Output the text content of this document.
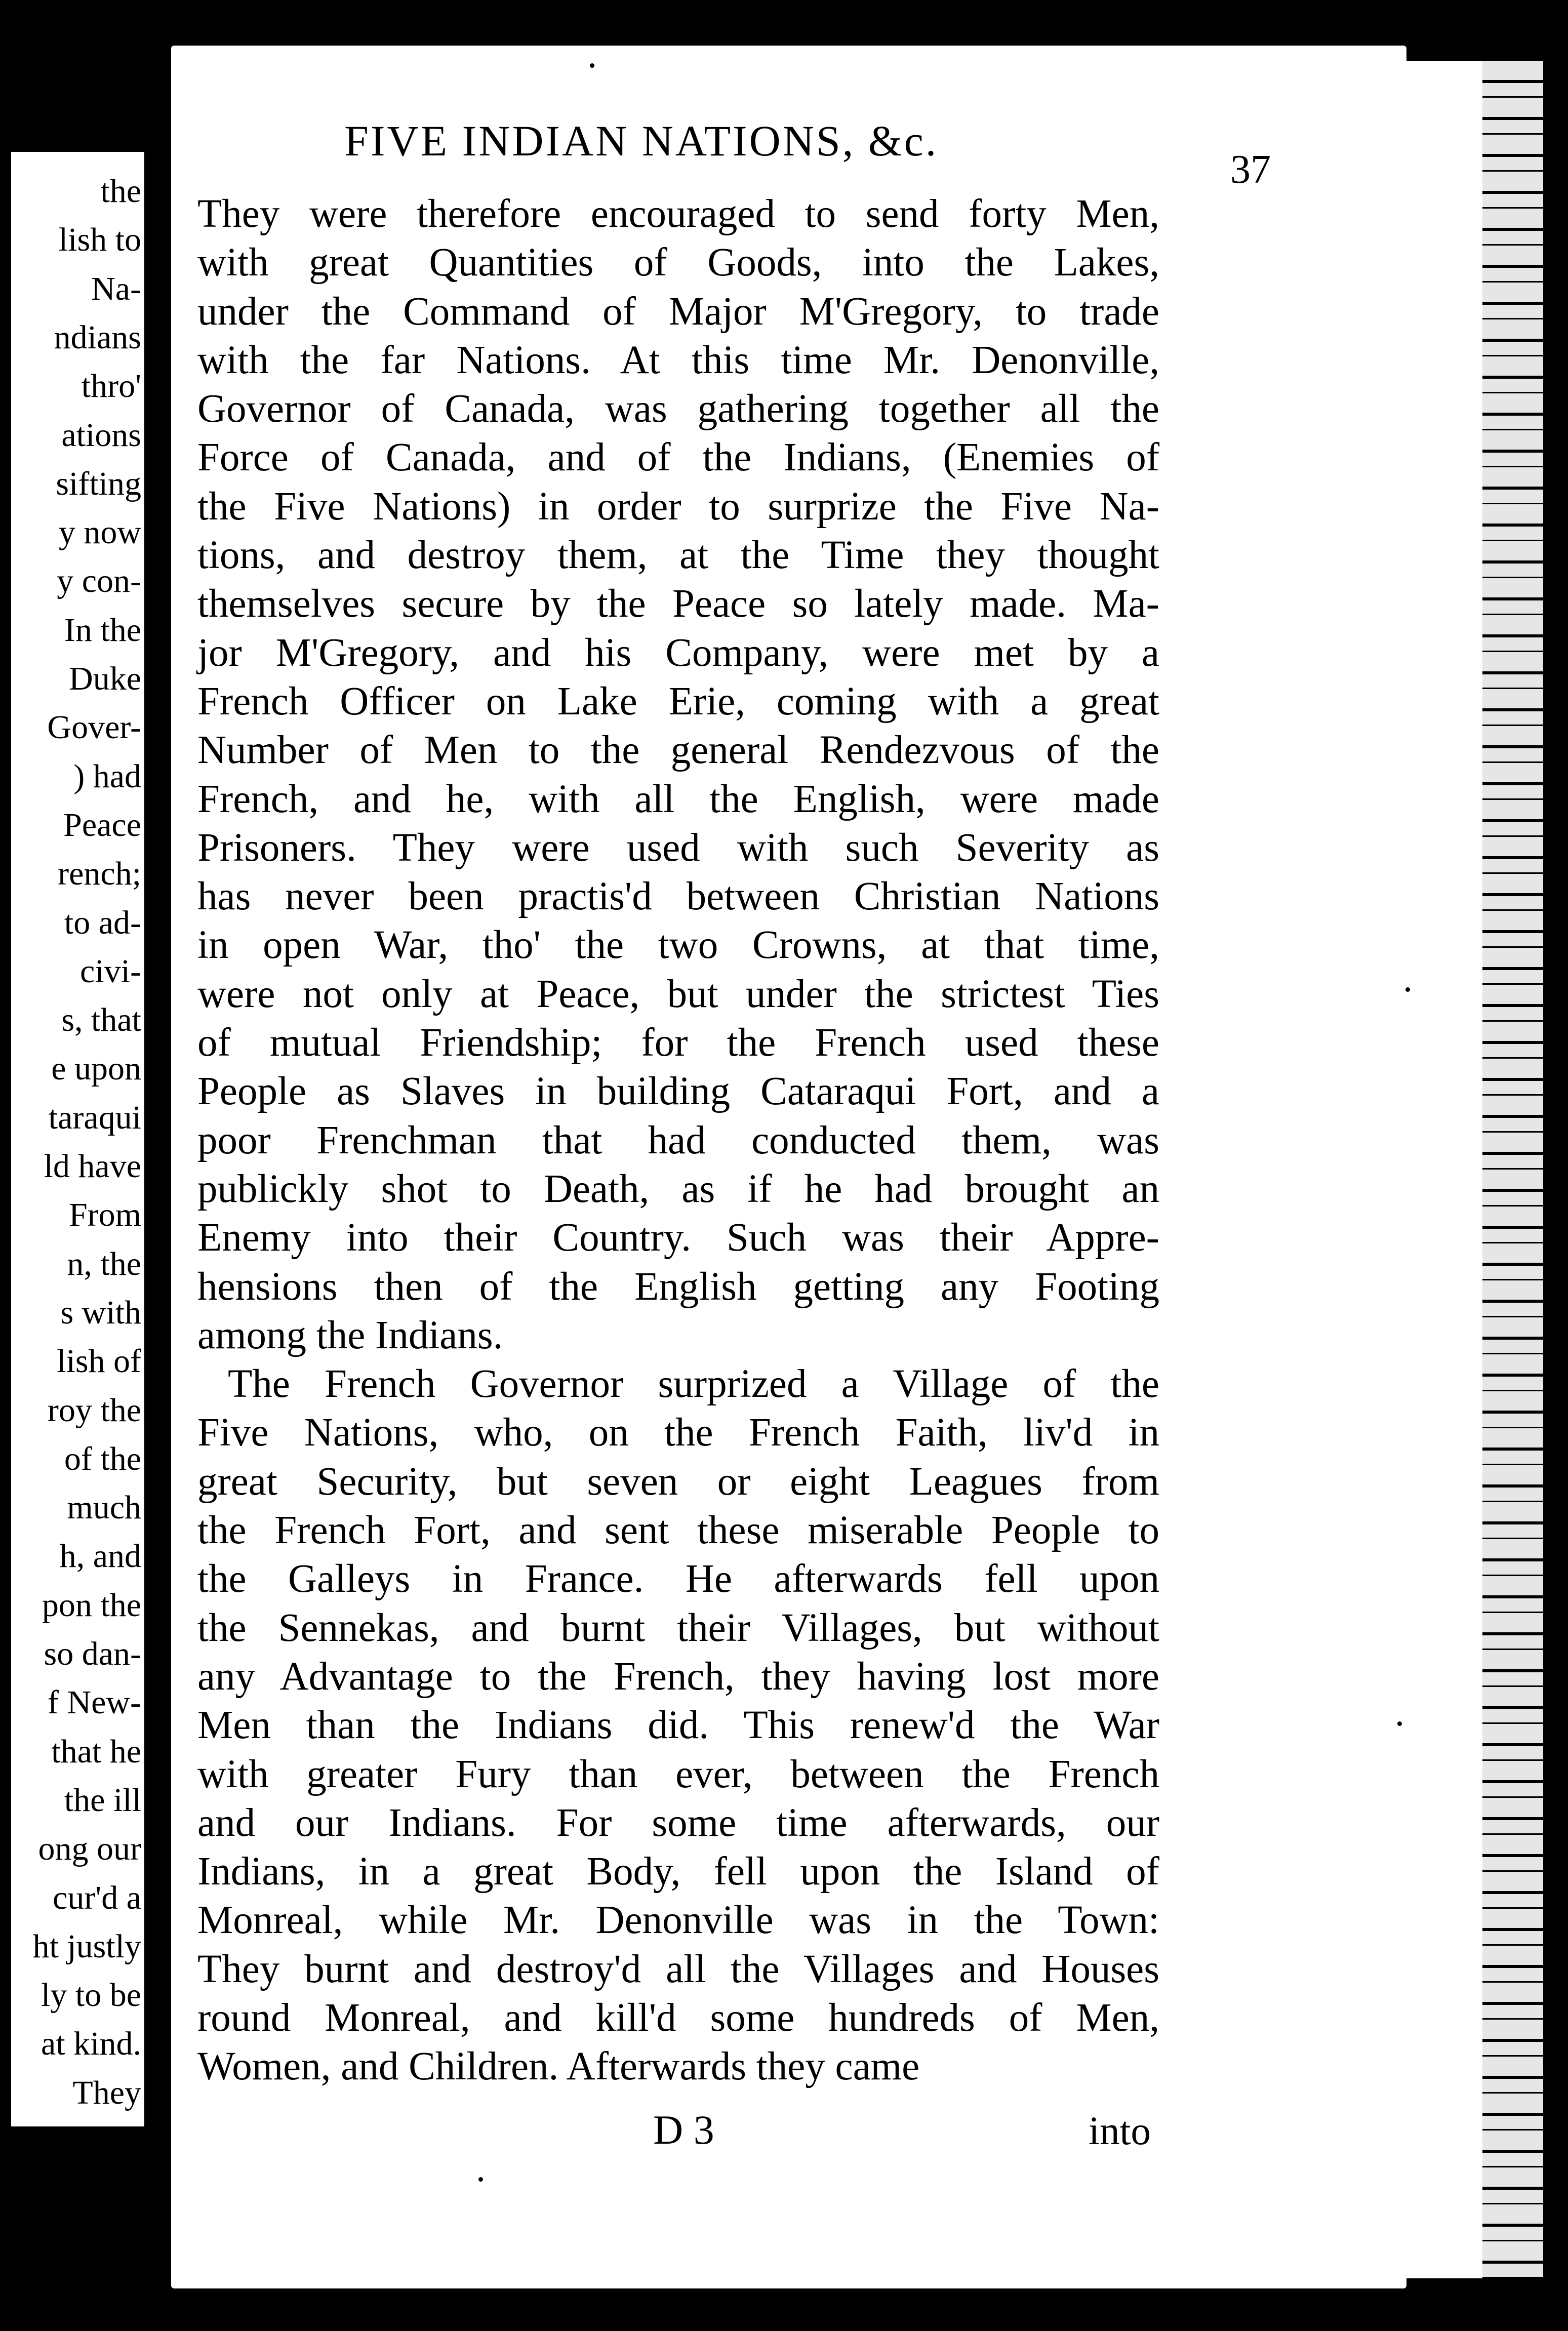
the
lish to
Na-
ndians
thro'
ations
sifting
y now
y con-
In the
Duke
Gover-
) had
Peace
rench;
to ad-
civi-
s, that
e upon
taraqui
ld have
From
n, the
s with
lish of
roy the
of the
much
h, and
pon the
so dan-
f New-
that he
the ill
ong our
cur'd a
ht justly
ly to be
at kind.
They
FIVE INDIAN NATIONS, &c.
37
They were therefore encouraged to send forty Men,
with great Quantities of Goods, into the Lakes,
under the Command of Major M'Gregory, to trade
with the far Nations. At this time Mr. Denonville,
Governor of Canada, was gathering together all the
Force of Canada, and of the Indians, (Enemies of
the Five Nations) in order to surprize the Five Na-
tions, and destroy them, at the Time they thought
themselves secure by the Peace so lately made. Ma-
jor M'Gregory, and his Company, were met by a
French Officer on Lake Erie, coming with a great
Number of Men to the general Rendezvous of the
French, and he, with all the English, were made
Prisoners. They were used with such Severity as
has never been practis'd between Christian Nations
in open War, tho' the two Crowns, at that time,
were not only at Peace, but under the strictest Ties
of mutual Friendship; for the French used these
People as Slaves in building Cataraqui Fort, and a
poor Frenchman that had conducted them, was
publickly shot to Death, as if he had brought an
Enemy into their Country. Such was their Appre-
hensions then of the English getting any Footing
among the Indians.
The French Governor surprized a Village of the
Five Nations, who, on the French Faith, liv'd in
great Security, but seven or eight Leagues from
the French Fort, and sent these miserable People to
the Galleys in France. He afterwards fell upon
the Sennekas, and burnt their Villages, but without
any Advantage to the French, they having lost more
Men than the Indians did. This renew'd the War
with greater Fury than ever, between the French
and our Indians. For some time afterwards, our
Indians, in a great Body, fell upon the Island of
Monreal, while Mr. Denonville was in the Town:
They burnt and destroy'd all the Villages and Houses
round Monreal, and kill'd some hundreds of Men,
Women, and Children. Afterwards they came
D 3	into
